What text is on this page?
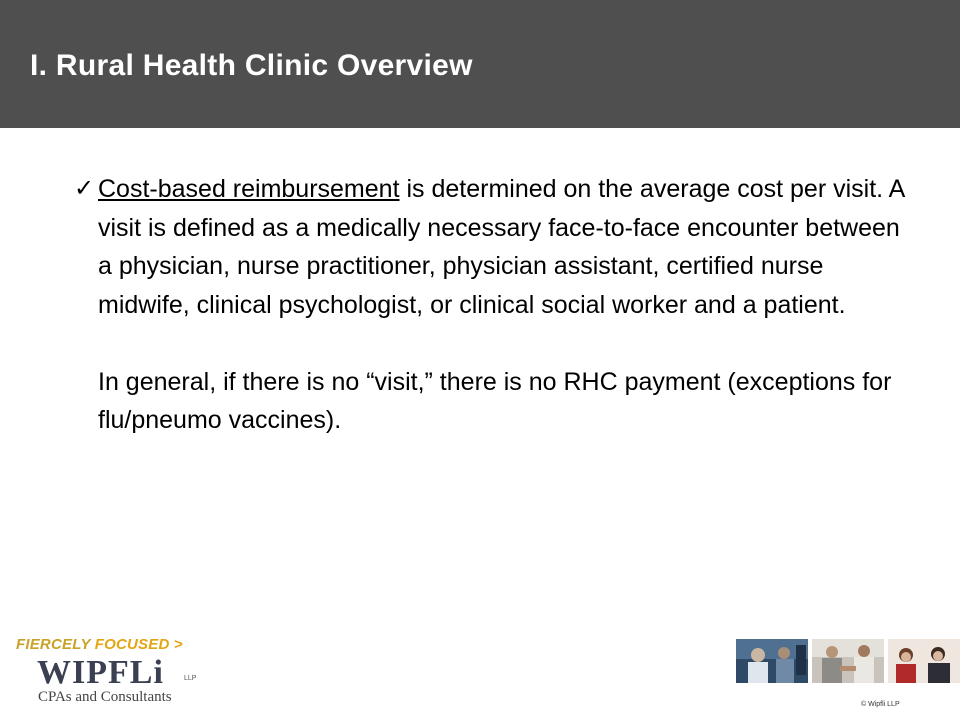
I. Rural Health Clinic Overview
✓ Cost-based reimbursement is determined on the average cost per visit. A visit is defined as a medically necessary face-to-face encounter between a physician, nurse practitioner, physician assistant, certified nurse midwife, clinical psychologist, or clinical social worker and a patient.

In general, if there is no “visit,” there is no RHC payment (exceptions for flu/pneumo vaccines).

FIERCELY FOCUSED >
WIPFLi	LLP
CPAs and Consultants	© Wipfli LLP
